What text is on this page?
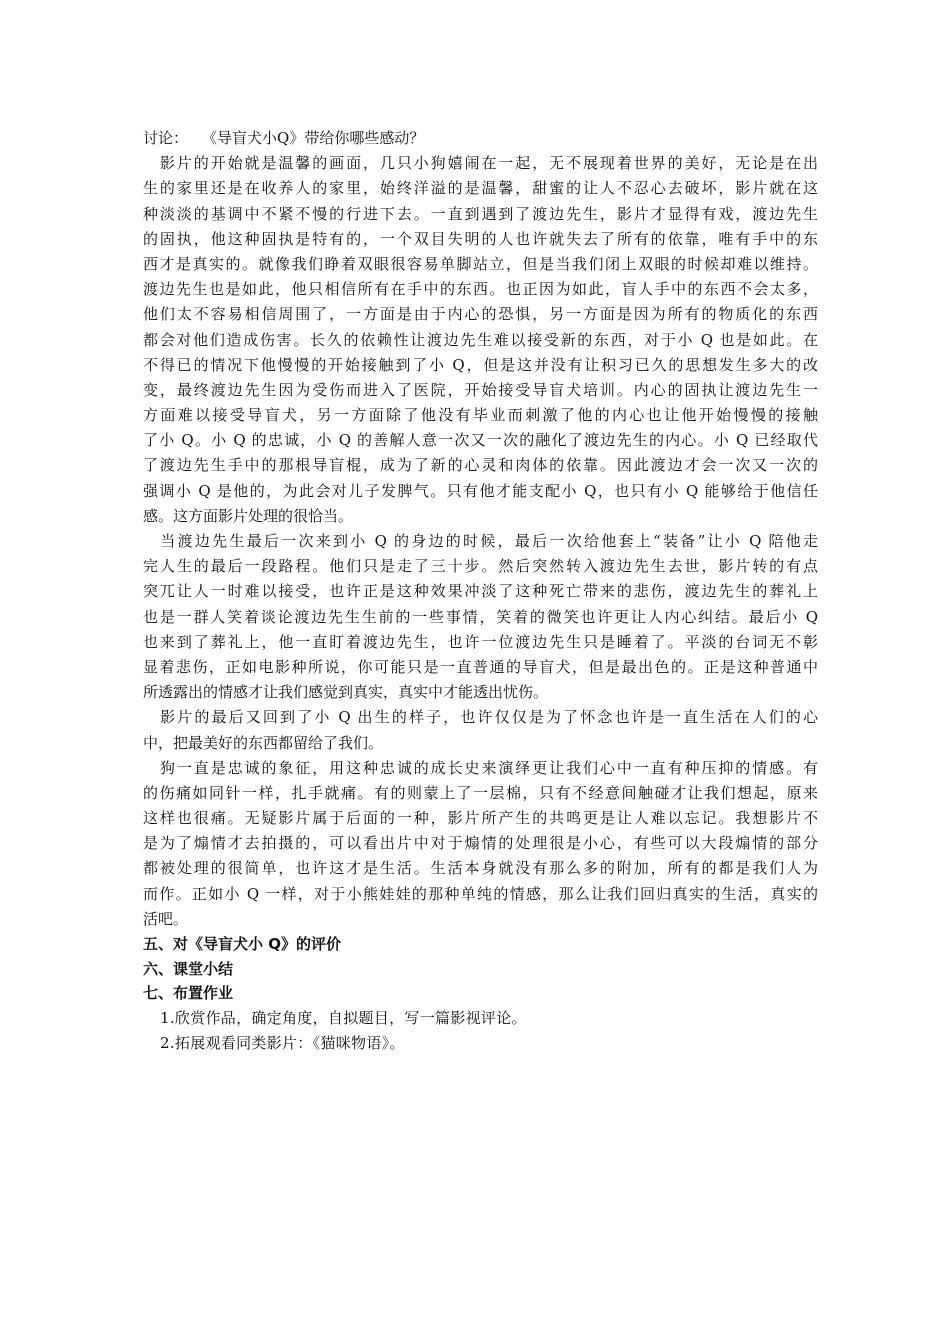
讨论： 《导盲犬小Q》带给你哪些感动？
　影片的开始就是温馨的画面，几只小狗嬉闹在一起，无不展现着世界的美好，无论是在出
生的家里还是在收养人的家里，始终洋溢的是温馨，甜蜜的让人不忍心去破坏，影片就在这
种淡淡的基调中不紧不慢的行进下去。一直到遇到了渡边先生，影片才显得有戏，渡边先生
的固执，他这种固执是特有的，一个双目失明的人也许就失去了所有的依靠，唯有手中的东
西才是真实的。就像我们睁着双眼很容易单脚站立，但是当我们闭上双眼的时候却难以维持。
渡边先生也是如此，他只相信所有在手中的东西。也正因为如此，盲人手中的东西不会太多，
他们太不容易相信周围了，一方面是由于内心的恐惧，另一方面是因为所有的物质化的东西
都会对他们造成伤害。长久的依赖性让渡边先生难以接受新的东西，对于小 Q 也是如此。在
不得已的情况下他慢慢的开始接触到了小 Q，但是这并没有让积习已久的思想发生多大的改
变，最终渡边先生因为受伤而进入了医院，开始接受导盲犬培训。内心的固执让渡边先生一
方面难以接受导盲犬，另一方面除了他没有毕业而刺激了他的内心也让他开始慢慢的接触
了小 Q。小 Q 的忠诚，小 Q 的善解人意一次又一次的融化了渡边先生的内心。小 Q 已经取代
了渡边先生手中的那根导盲棍，成为了新的心灵和肉体的依靠。因此渡边才会一次又一次的
强调小 Q 是他的，为此会对儿子发脾气。只有他才能支配小 Q，也只有小 Q 能够给于他信任
感。这方面影片处理的很恰当。
　当渡边先生最后一次来到小 Q 的身边的时候，最后一次给他套上“装备”让小 Q 陪他走
完人生的最后一段路程。他们只是走了三十步。然后突然转入渡边先生去世，影片转的有点
突兀让人一时难以接受，也许正是这种效果冲淡了这种死亡带来的悲伤，渡边先生的葬礼上
也是一群人笑着谈论渡边先生生前的一些事情，笑着的微笑也许更让人内心纠结。最后小 Q
也来到了葬礼上，他一直盯着渡边先生，也许一位渡边先生只是睡着了。平淡的台词无不彰
显着悲伤，正如电影种所说，你可能只是一直普通的导盲犬，但是最出色的。正是这种普通中
所透露出的情感才让我们感觉到真实，真实中才能透出忧伤。
　影片的最后又回到了小 Q 出生的样子，也许仅仅是为了怀念也许是一直生活在人们的心
中，把最美好的东西都留给了我们。
　狗一直是忠诚的象征，用这种忠诚的成长史来演绎更让我们心中一直有种压抑的情感。有
的伤痛如同针一样，扎手就痛。有的则蒙上了一层棉，只有不经意间触碰才让我们想起，原来
这样也很痛。无疑影片属于后面的一种，影片所产生的共鸣更是让人难以忘记。我想影片不
是为了煽情才去拍摄的，可以看出片中对于煽情的处理很是小心，有些可以大段煽情的部分
都被处理的很简单，也许这才是生活。生活本身就没有那么多的附加，所有的都是我们人为
而作。正如小 Q 一样，对于小熊娃娃的那种单纯的情感，那么让我们回归真实的生活，真实的
活吧。
五、对《导盲犬小 Q》的评价
六、课堂小结
七、布置作业
1.欣赏作品，确定角度，自拟题目，写一篇影视评论。
2.拓展观看同类影片：《猫咪物语》。
